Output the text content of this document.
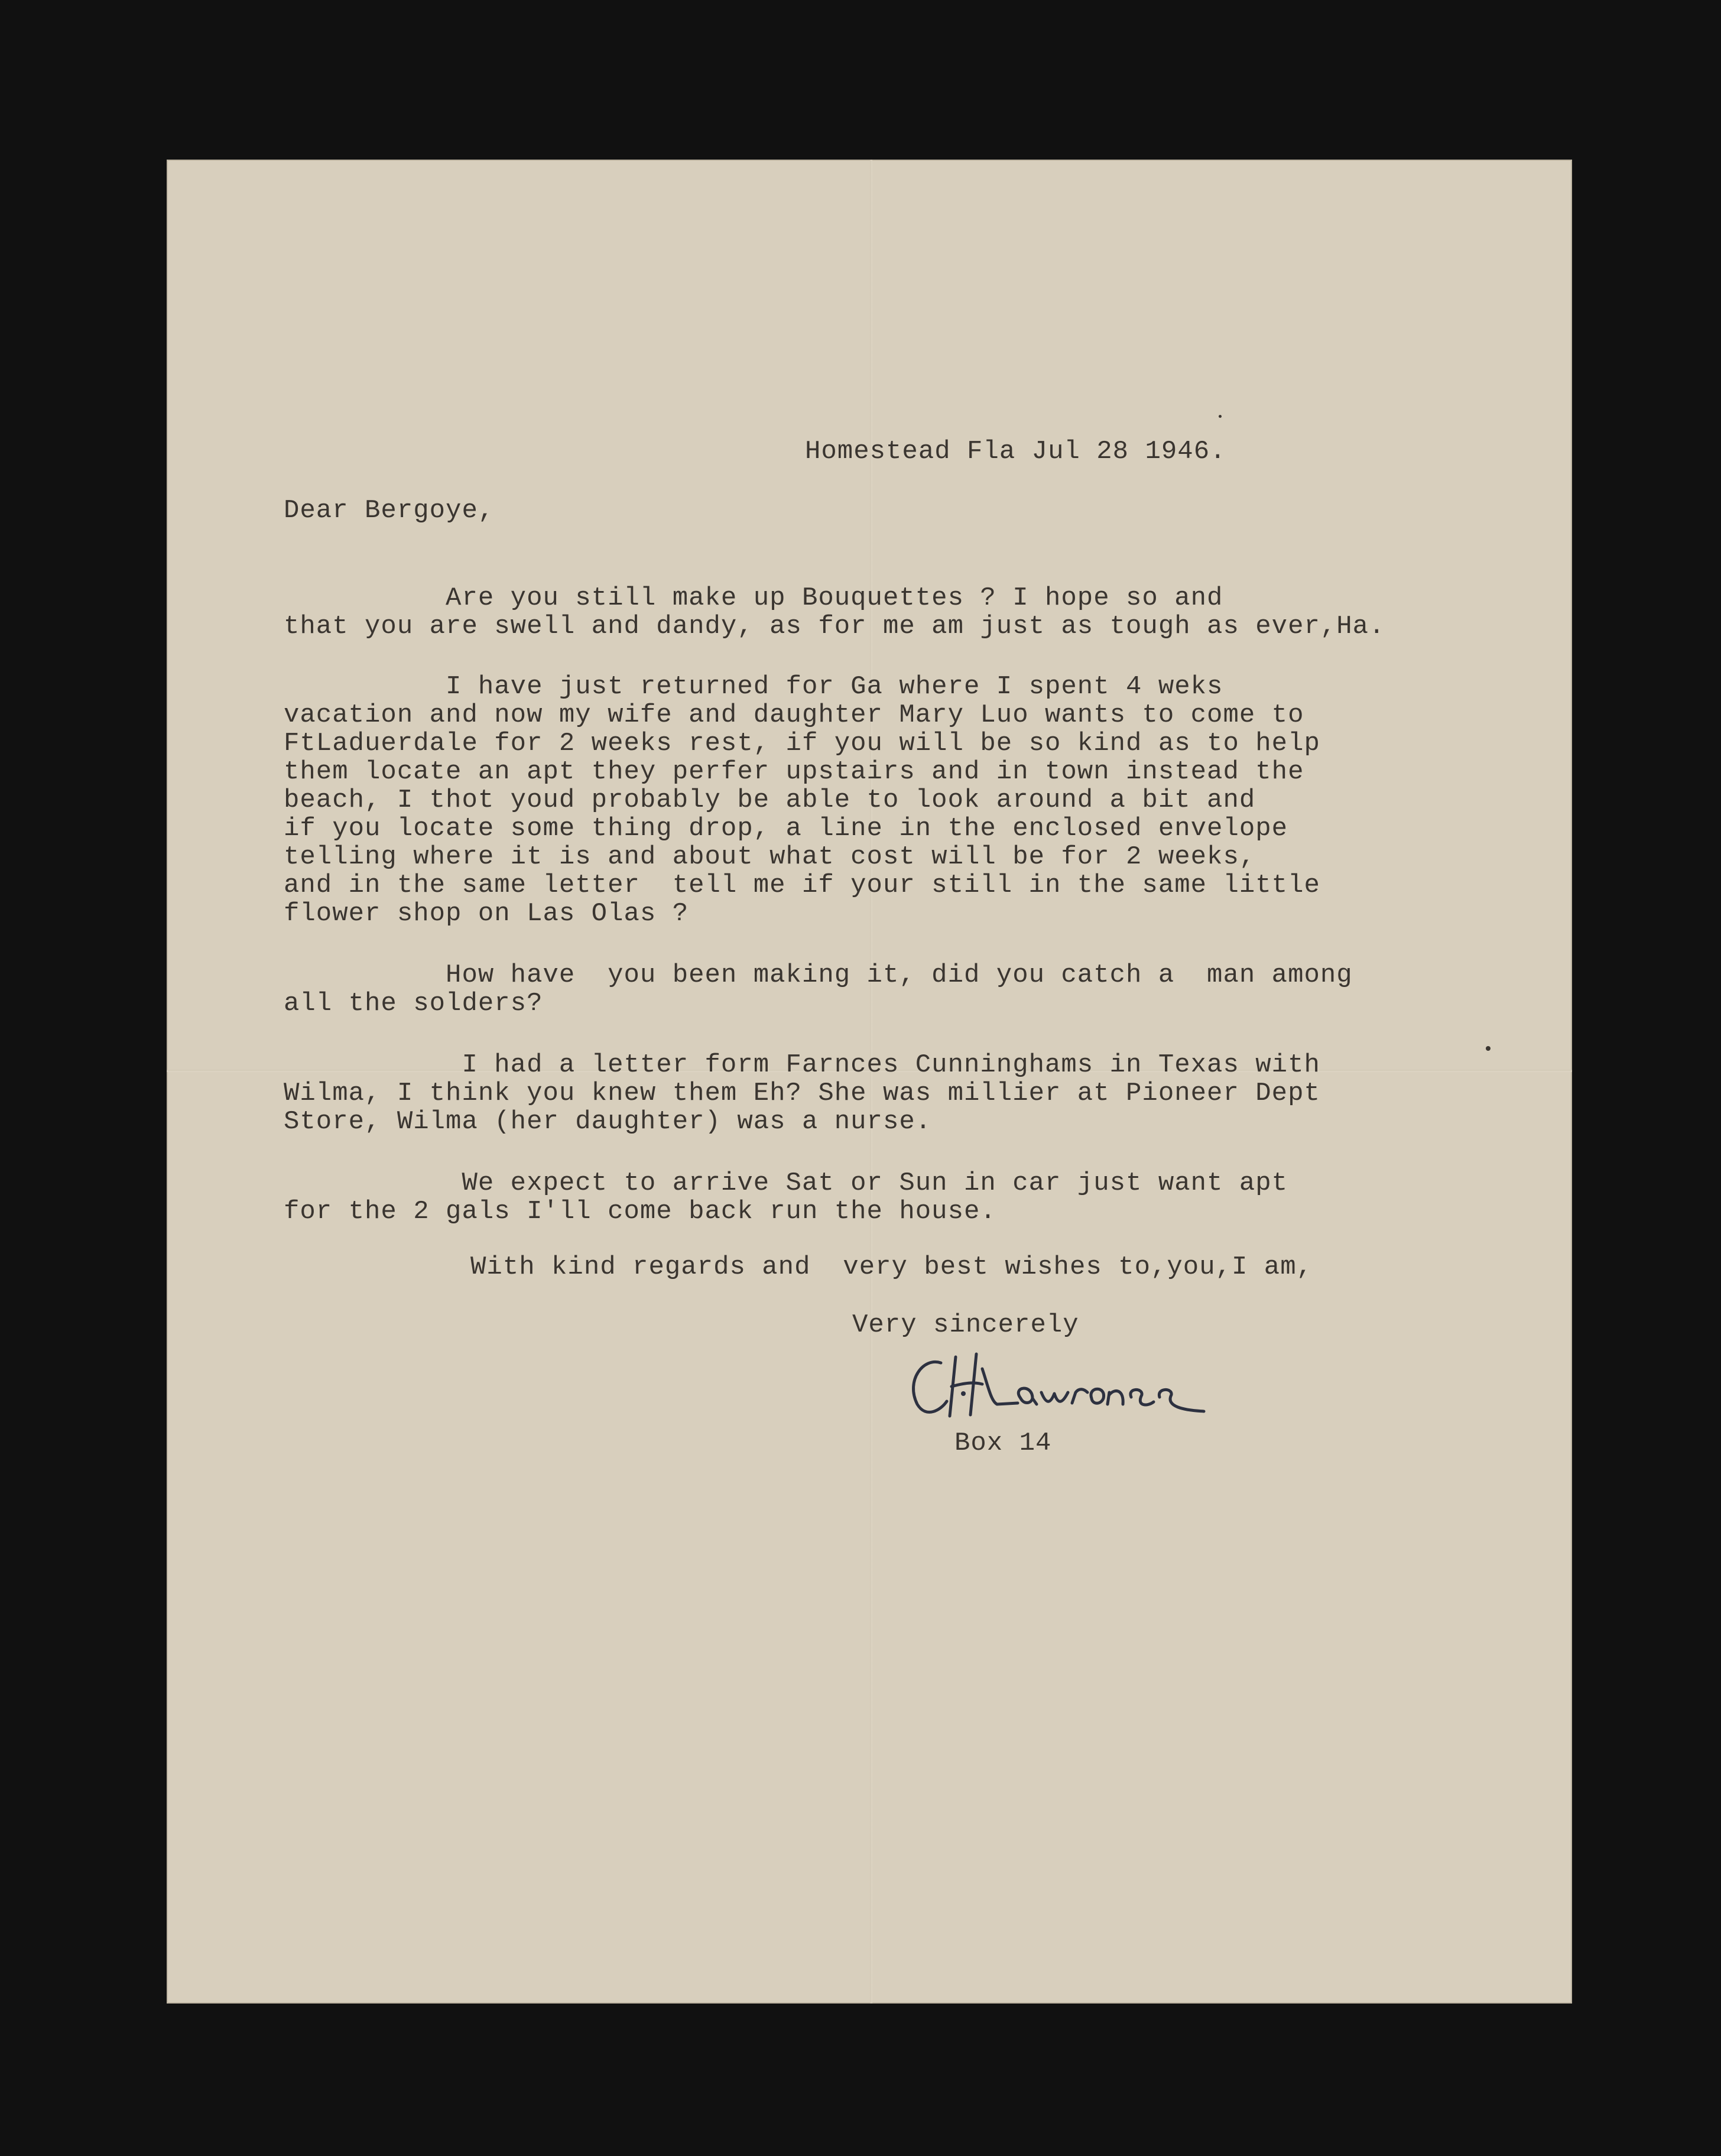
Homestead Fla Jul 28 1946.
Dear Bergoye,
Are you still make up Bouquettes ? I hope so and
that you are swell and dandy, as for me am just as tough as ever,Ha.
I have just returned for Ga where I spent 4 weks
vacation and now my wife and daughter Mary Luo wants to come to
FtLaduerdale for 2 weeks rest, if you will be so kind as to help
them locate an apt they perfer upstairs and in town instead the
beach, I thot youd probably be able to look around a bit and
if you locate some thing drop, a line in the enclosed envelope
telling where it is and about what cost will be for 2 weeks,
and in the same letter  tell me if your still in the same little
flower shop on Las Olas ?
How have  you been making it, did you catch a  man among
all the solders?
I had a letter form Farnces Cunninghams in Texas with
Wilma, I think you knew them Eh? She was millier at Pioneer Dept
Store, Wilma (her daughter) was a nurse.
We expect to arrive Sat or Sun in car just want apt
for the 2 gals I'll come back run the house.
With kind regards and  very best wishes to,you,I am,
Very sincerely
Box 14
